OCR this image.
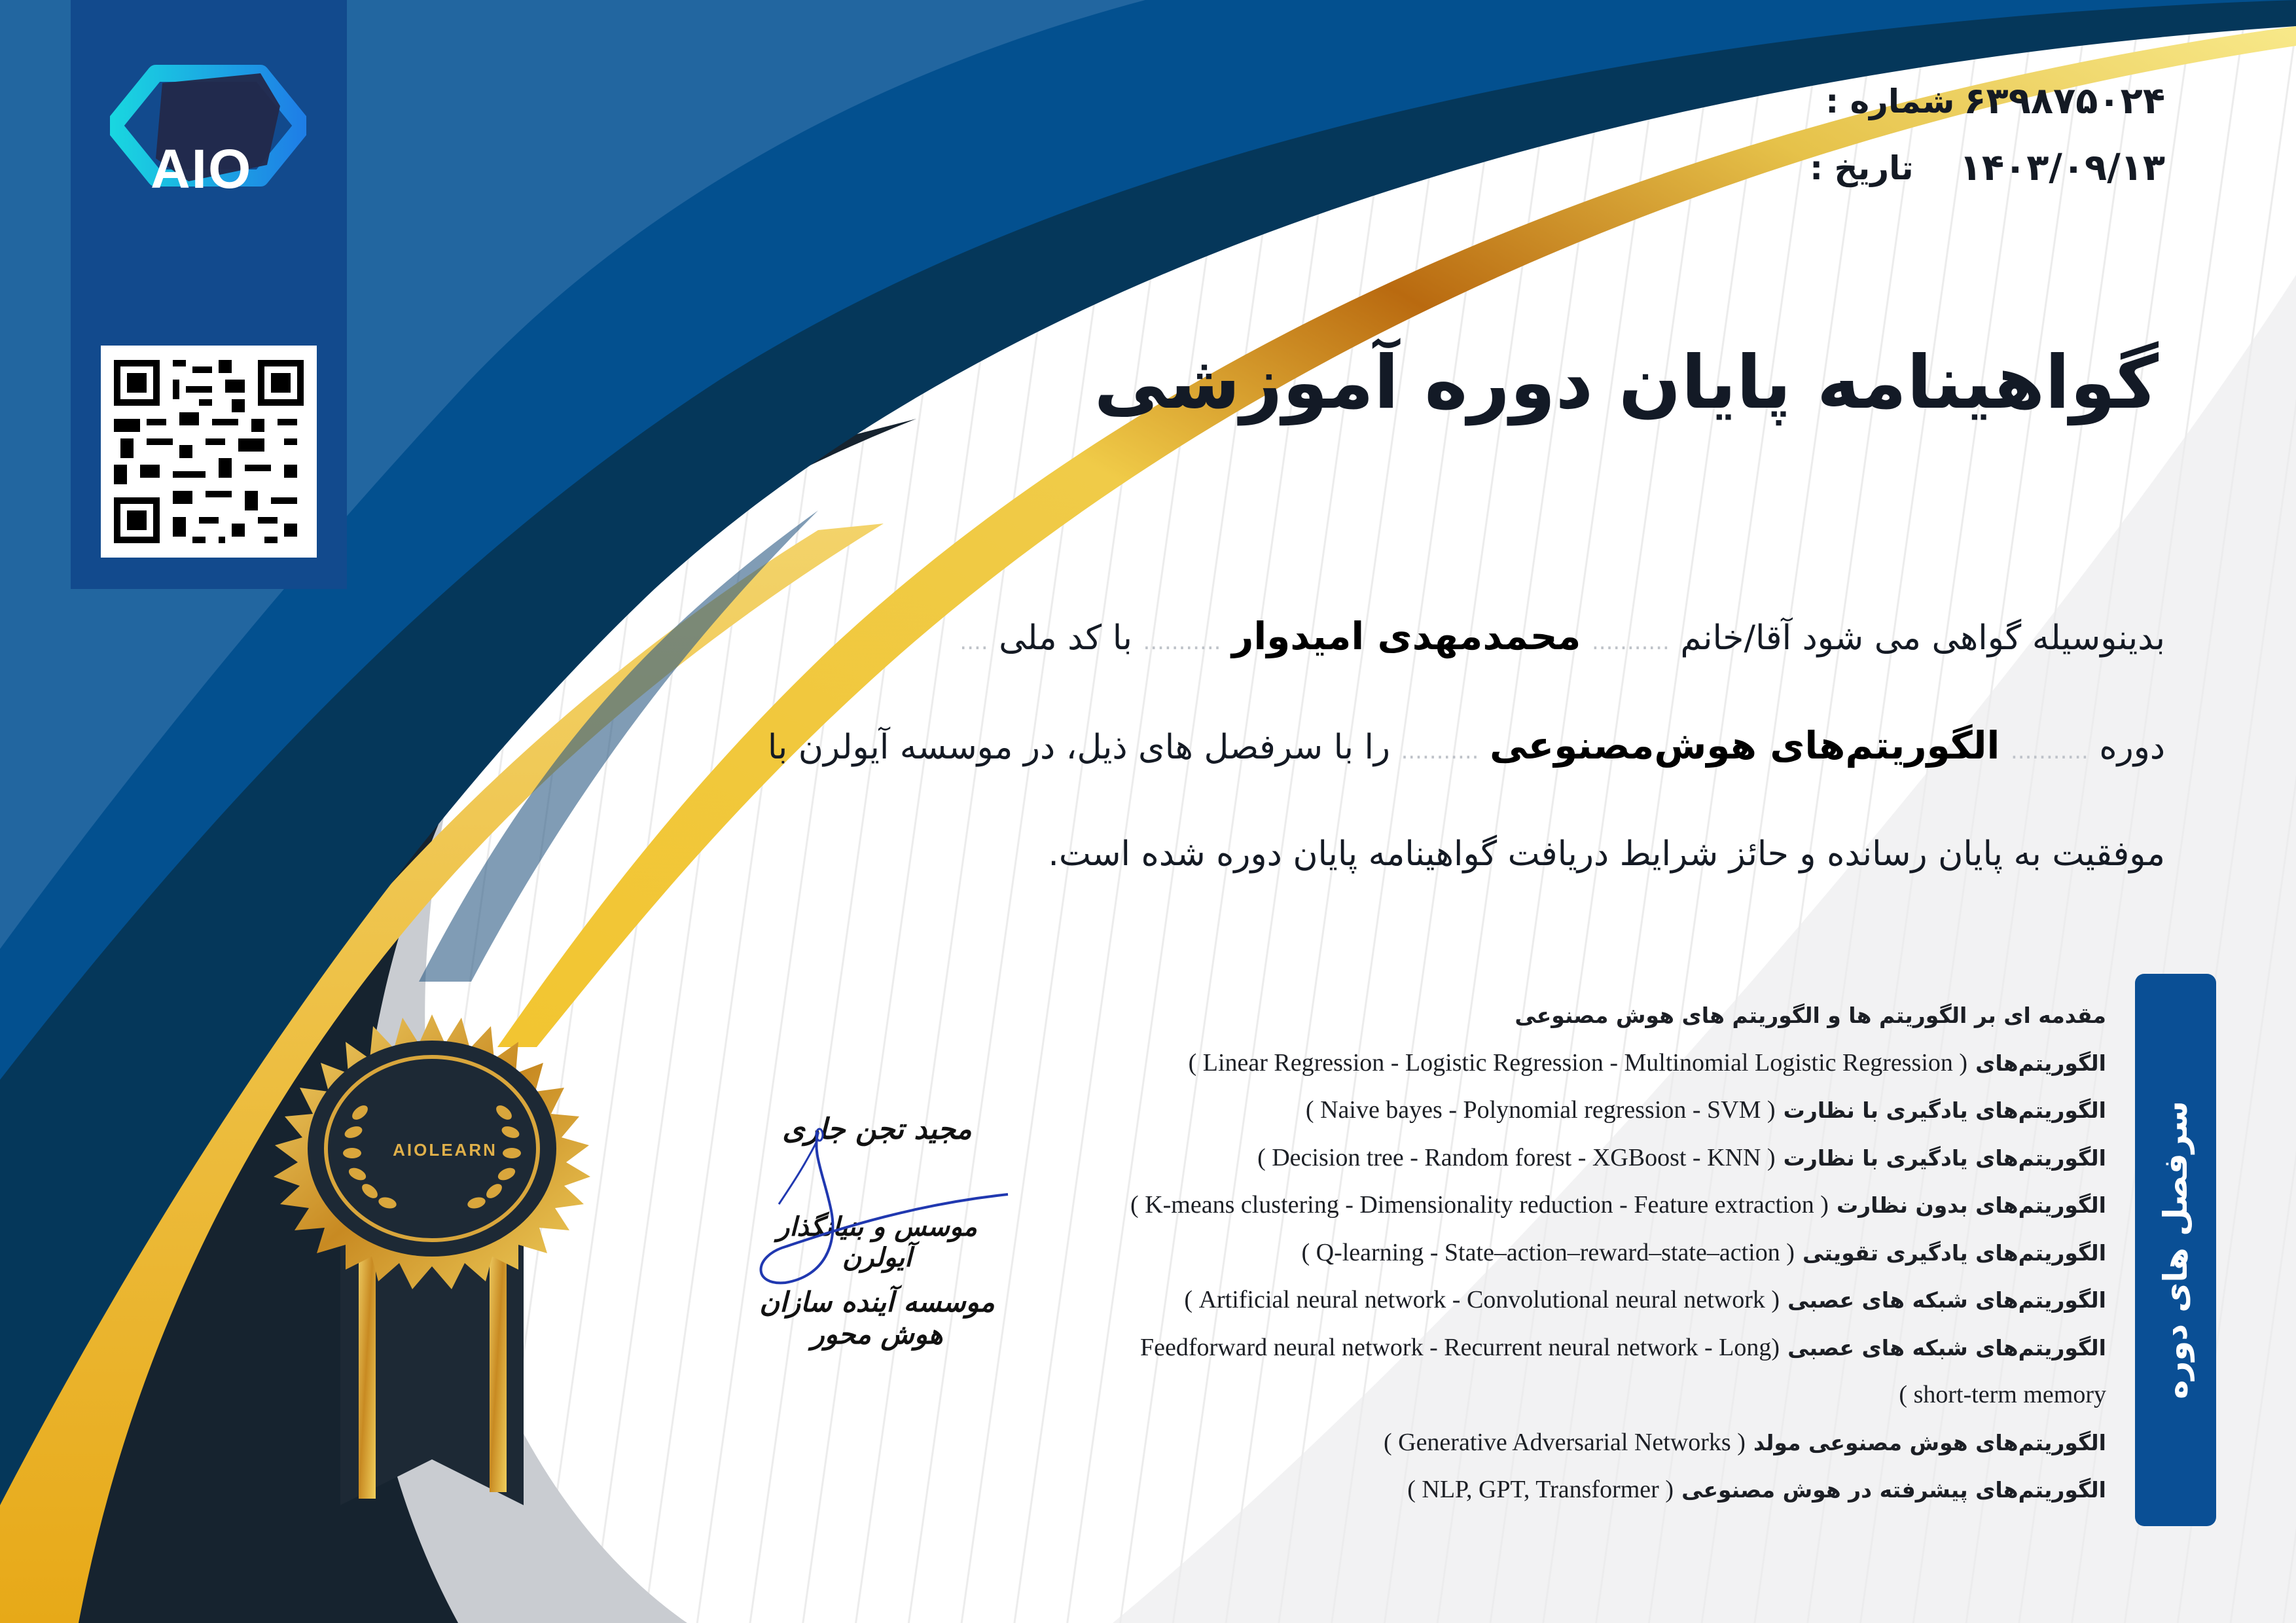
AIO
شماره : ۶۳۹۸۷۵۰۲۴
تاریخ : ۱۴۰۳/۰۹/۱۳
گواهینامه پایان دوره آموزشی
بدینوسیله گواهی می شود آقا/خانم ........... محمدمهدی امیدوار ........... با کد ملی ....
دوره ........... الگوریتم‌های هوش‌مصنوعی ........... را با سرفصل های ذیل، در موسسه آیولرن با
موفقیت به پایان رسانده و حائز شرایط دریافت گواهینامه پایان دوره شده است.
سرفصل های دوره
مقدمه ای بر الگوریتم ها و الگوریتم های هوش مصنوعی
الگوریتم‌های ( Linear Regression - Logistic Regression - Multinomial Logistic Regression )
الگوریتم‌های یادگیری با نظارت ( Naive bayes - Polynomial regression - SVM )
الگوریتم‌های یادگیری با نظارت ( Decision tree - Random forest - XGBoost - KNN )
الگوریتم‌های بدون نظارت ( K-means clustering - Dimensionality reduction - Feature extraction )
الگوریتم‌های یادگیری تقویتی ( Q-learning - State–action–reward–state–action )
الگوریتم‌های شبکه های عصبی ( Artificial neural network - Convolutional neural network )
الگوریتم‌های شبکه های عصبی (Feedforward neural network - Recurrent neural network - Long
short-term memory )
الگوریتم‌های هوش مصنوعی مولد ( Generative Adversarial Networks )
الگوریتم‌های پیشرفته در هوش مصنوعی ( NLP, GPT, Transformer )
AIOLEARN
مجید تجن جاری
موسس و بنیانگذار آیولرن
موسسه آینده سازان هوش محور
